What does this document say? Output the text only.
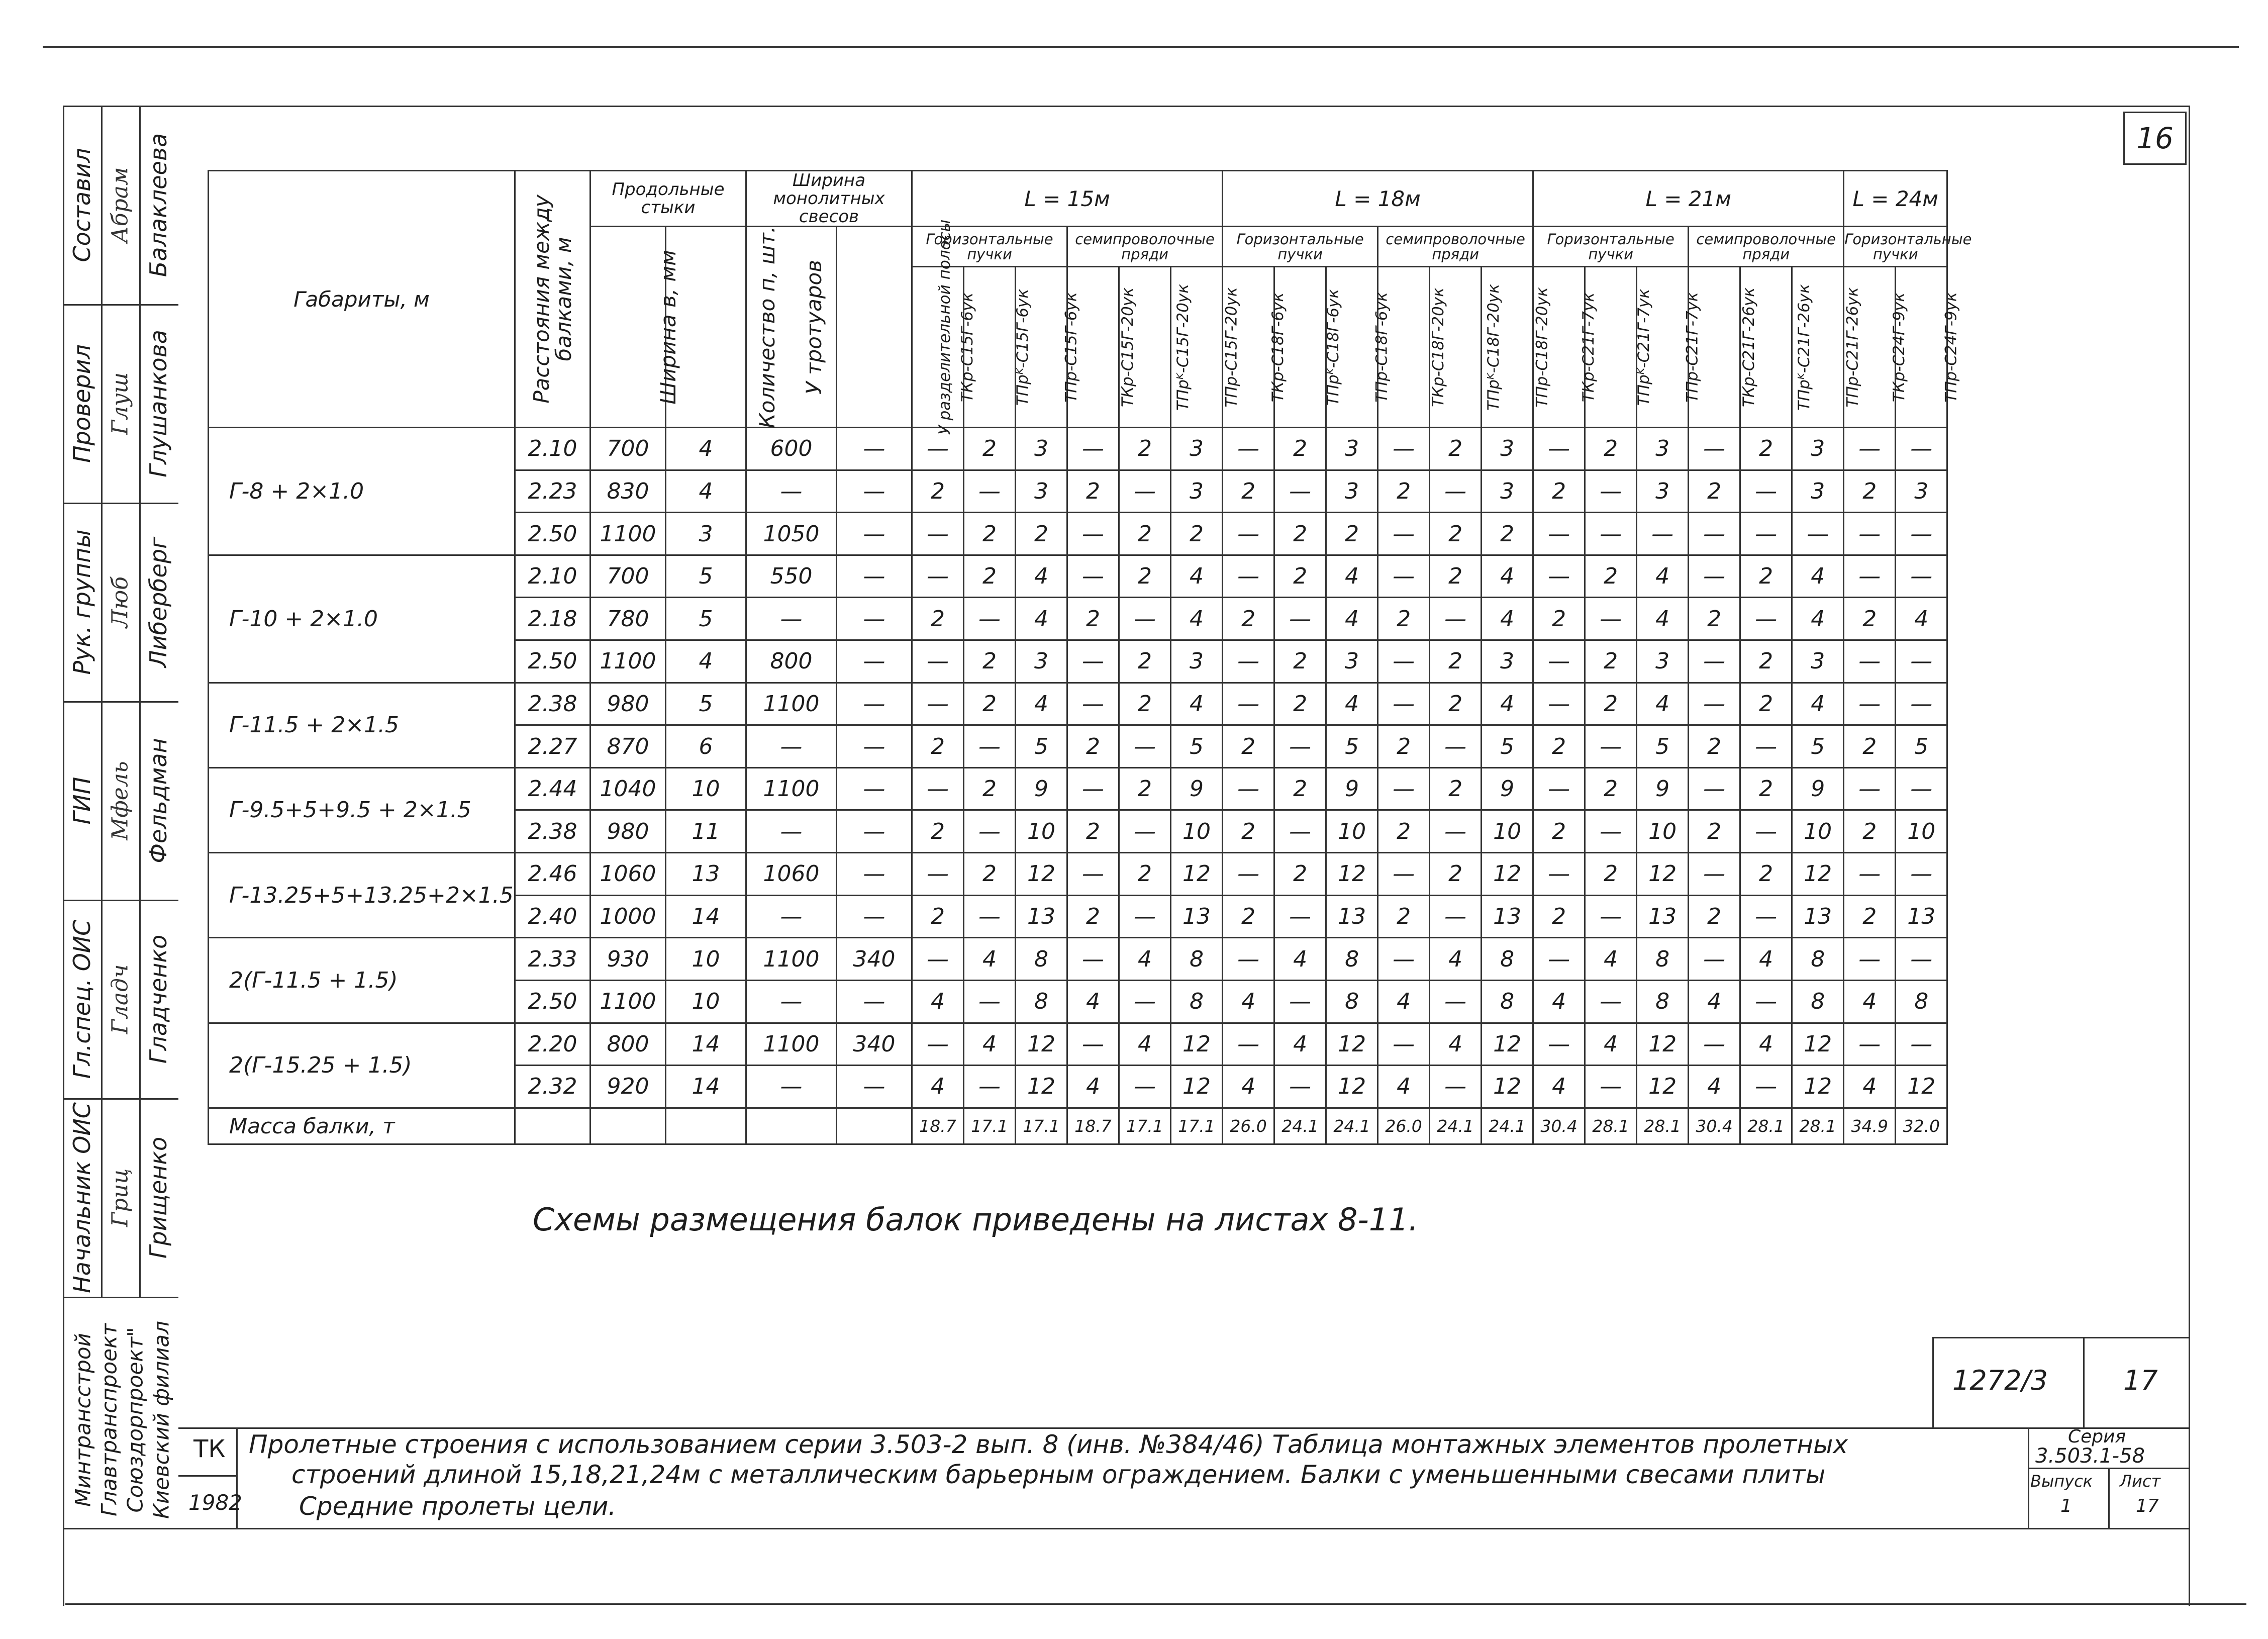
16
Составил Абрам Балаклеева
Проверил Глуш Глушанкова
Рук. группы Люб Либерберг
ГИП Мфель Фельдман
Гл.спец. ОИС Гладч Гладченко
Начальник ОИС Гриц Грищенко
Минтрансстрой Главтранспроект Союздорпроект" Киевский филиал
Габариты, м	Расстояния между балками, м	Продольные стыки		Ширина монолитных свесов		L = 15м						L = 18м						L = 21м						L = 24м	
		Ширина в, мм	Количество п, шт.	У тротуаров	У разделительной полосы	Горизонтальные пучки			семипроволочные пряди			Горизонтальные пучки			семипроволочные пряди			Горизонтальные пучки			семипроволочные пряди			Горизонтальные пучки	
						ТКр-С15Г-6ук	ТПрᴷ-С15Г-6ук	ТПр-С15Г-6ук	ТКр-С15Г-20ук	ТПрᴷ-С15Г-20ук	ТПр-С15Г-20ук	ТКр-С18Г-6ук	ТПрᴷ-С18Г-6ук	ТПр-С18Г-6ук	ТКр-С18Г-20ук	ТПрᴷ-С18Г-20ук	ТПр-С18Г-20ук	ТКр-С21Г-7ук	ТПрᴷ-С21Г-7ук	ТПр-С21Г-7ук	ТКр-С21Г-26ук	ТПрᴷ-С21Г-26ук	ТПр-С21Г-26ук	ТКр-С24Г-9ук	ТПр-С24Г-9ук
Г-8 + 2×1.0	2.10	700	4	600	—	—	2	3	—	2	3	—	2	3	—	2	3	—	2	3	—	2	3	—	—
	2.23	830	4	—	—	2	—	3	2	—	3	2	—	3	2	—	3	2	—	3	2	—	3	2	3
	2.50	1100	3	1050	—	—	2	2	—	2	2	—	2	2	—	2	2	—	—	—	—	—	—	—	—
Г-10 + 2×1.0	2.10	700	5	550	—	—	2	4	—	2	4	—	2	4	—	2	4	—	2	4	—	2	4	—	—
	2.18	780	5	—	—	2	—	4	2	—	4	2	—	4	2	—	4	2	—	4	2	—	4	2	4
	2.50	1100	4	800	—	—	2	3	—	2	3	—	2	3	—	2	3	—	2	3	—	2	3	—	—
Г-11.5 + 2×1.5	2.38	980	5	1100	—	—	2	4	—	2	4	—	2	4	—	2	4	—	2	4	—	2	4	—	—
	2.27	870	6	—	—	2	—	5	2	—	5	2	—	5	2	—	5	2	—	5	2	—	5	2	5
Г-9.5+5+9.5 + 2×1.5	2.44	1040	10	1100	—	—	2	9	—	2	9	—	2	9	—	2	9	—	2	9	—	2	9	—	—
	2.38	980	11	—	—	2	—	10	2	—	10	2	—	10	2	—	10	2	—	10	2	—	10	2	10
Г-13.25+5+13.25+2×1.5	2.46	1060	13	1060	—	—	2	12	—	2	12	—	2	12	—	2	12	—	2	12	—	2	12	—	—
	2.40	1000	14	—	—	2	—	13	2	—	13	2	—	13	2	—	13	2	—	13	2	—	13	2	13
2(Г-11.5 + 1.5)	2.33	930	10	1100	340	—	4	8	—	4	8	—	4	8	—	4	8	—	4	8	—	4	8	—	—
	2.50	1100	10	—	—	4	—	8	4	—	8	4	—	8	4	—	8	4	—	8	4	—	8	4	8
2(Г-15.25 + 1.5)	2.20	800	14	1100	340	—	4	12	—	4	12	—	4	12	—	4	12	—	4	12	—	4	12	—	—
	2.32	920	14	—	—	4	—	12	4	—	12	4	—	12	4	—	12	4	—	12	4	—	12	4	12
Масса балки, т						18.7	17.1	17.1	18.7	17.1	17.1	26.0	24.1	24.1	26.0	24.1	24.1	30.4	28.1	28.1	30.4	28.1	28.1	34.9	32.0
Схемы размещения балок приведены на листах 8-11.
1272/3	17
ТК
1982
Пролетные строения с использованием серии 3.503-2 вып. 8 (инв. №384/46) Таблица монтажных элементов пролетных
строений длиной 15,18,21,24м с металлическим барьерным ограждением. Балки с уменьшенными свесами плиты
Средние пролеты цели.
Серия
3.503.1-58
Выпуск
1
Лист
17
